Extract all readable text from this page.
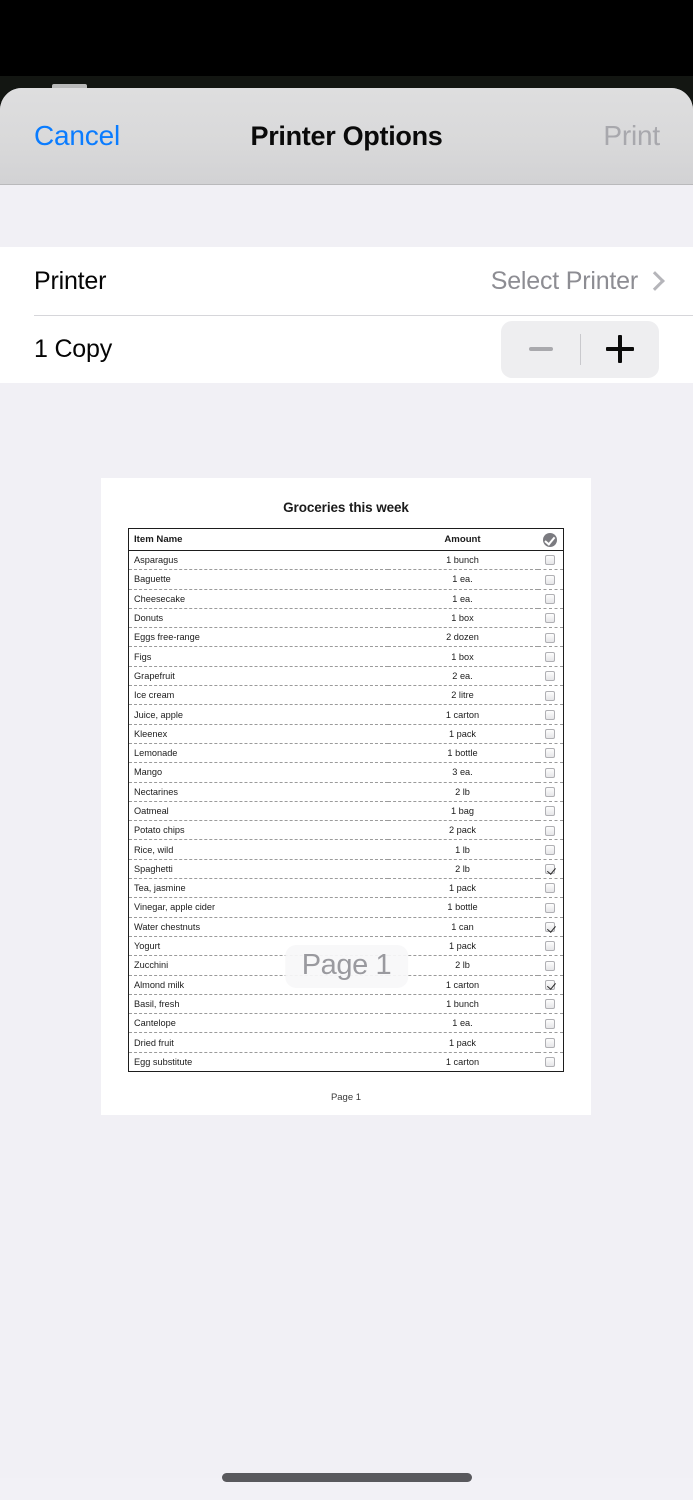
Cancel	Printer Options	Print
Printer	Select Printer
1 Copy
Groceries this week
Item Name	Amount	
Asparagus	1 bunch	
Baguette	1 ea.	
Cheesecake	1 ea.	
Donuts	1 box	
Eggs free-range	2 dozen	
Figs	1 box	
Grapefruit	2 ea.	
Ice cream	2 litre	
Juice, apple	1 carton	
Kleenex	1 pack	
Lemonade	1 bottle	
Mango	3 ea.	
Nectarines	2 lb	
Oatmeal	1 bag	
Potato chips	2 pack	
Rice, wild	1 lb	
Spaghetti	2 lb	
Tea, jasmine	1 pack	
Vinegar, apple cider	1 bottle	
Water chestnuts	1 can	
Yogurt	1 pack	
Zucchini	2 lb	
Almond milk	1 carton	
Basil, fresh	1 bunch	
Cantelope	1 ea.	
Dried fruit	1 pack	
Egg substitute	1 carton	
Page 1
Page 1
